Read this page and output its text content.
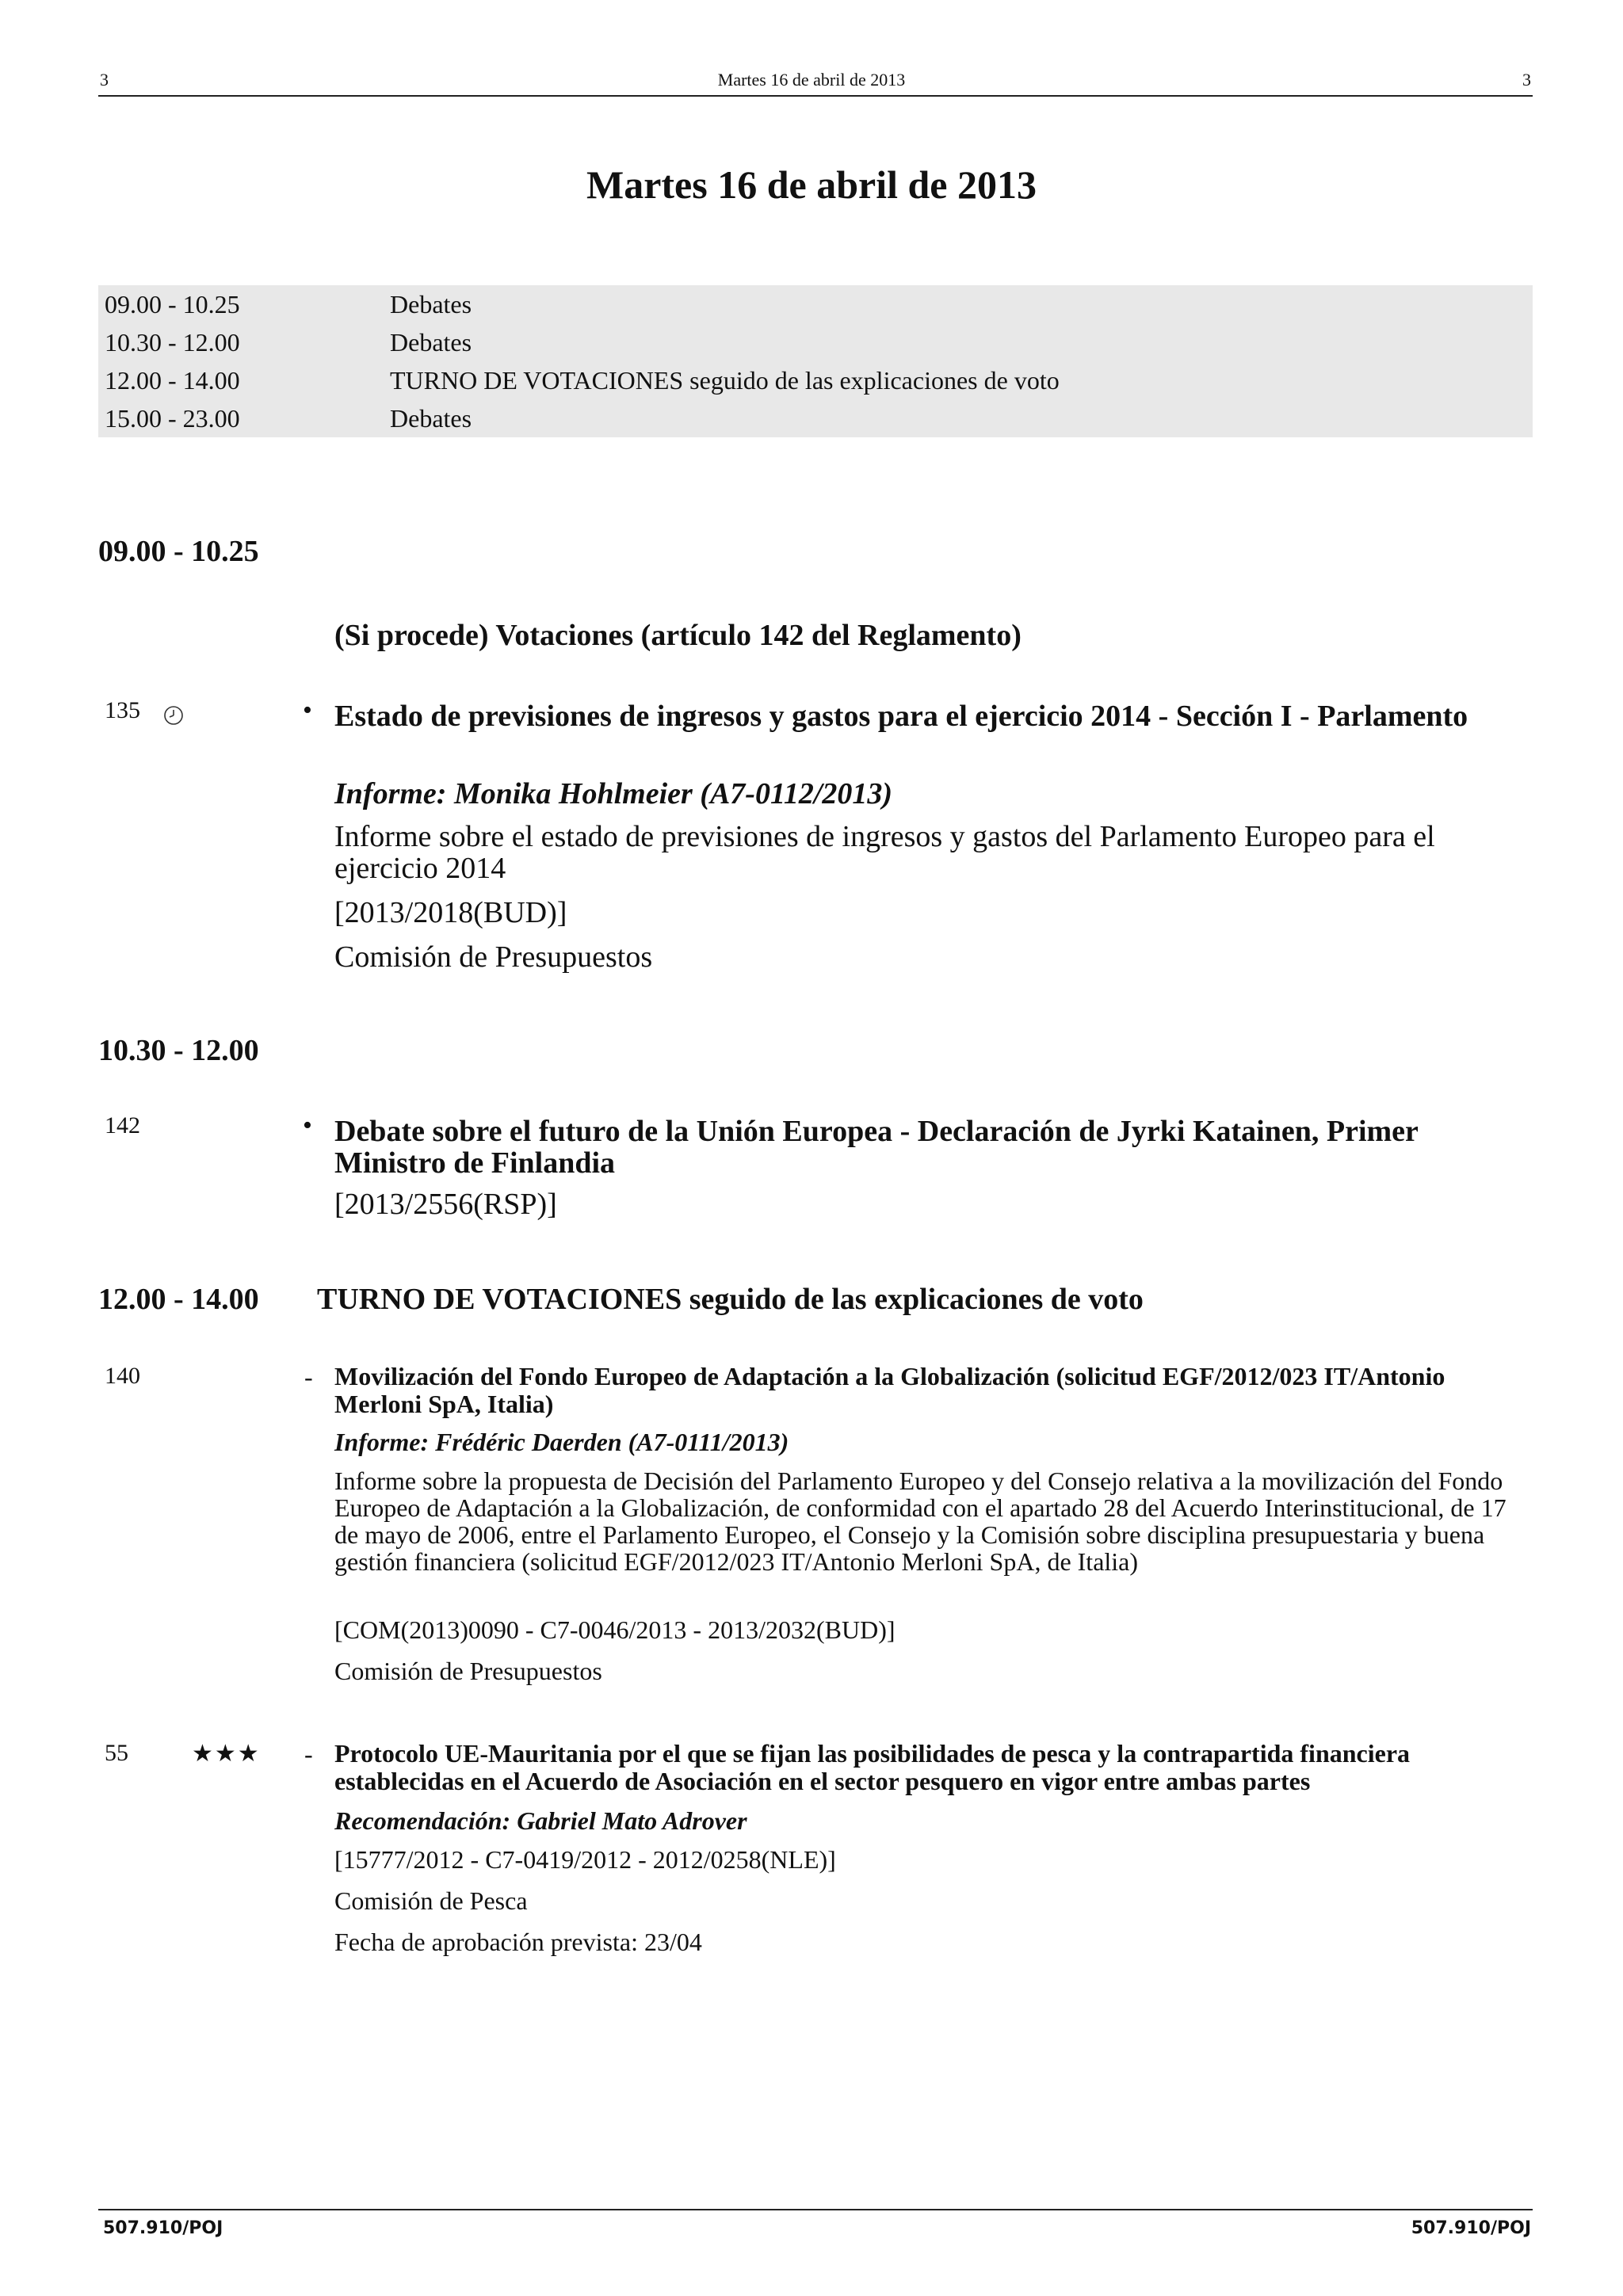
3	Martes 16 de abril de 2013	3
Martes 16 de abril de 2013
09.00 - 10.25	Debates
10.30 - 12.00	Debates
12.00 - 14.00	TURNO DE VOTACIONES seguido de las explicaciones de voto
15.00 - 23.00	Debates
09.00 - 10.25
(Si procede) Votaciones (artículo 142 del Reglamento)
135	• Estado de previsiones de ingresos y gastos para el ejercicio 2014 - Sección I - Parlamento
Informe: Monika Hohlmeier (A7-0112/2013)
Informe sobre el estado de previsiones de ingresos y gastos del Parlamento Europeo para el ejercicio 2014
[2013/2018(BUD)]
Comisión de Presupuestos
10.30 - 12.00
142	• Debate sobre el futuro de la Unión Europea - Declaración de Jyrki Katainen, Primer Ministro de Finlandia
[2013/2556(RSP)]
12.00 - 14.00 TURNO DE VOTACIONES seguido de las explicaciones de voto
140	- Movilización del Fondo Europeo de Adaptación a la Globalización (solicitud EGF/2012/023 IT/Antonio Merloni SpA, Italia)
Informe: Frédéric Daerden (A7-0111/2013)
Informe sobre la propuesta de Decisión del Parlamento Europeo y del Consejo relativa a la movilización del Fondo Europeo de Adaptación a la Globalización, de conformidad con el apartado 28 del Acuerdo Interinstitucional, de 17 de mayo de 2006, entre el Parlamento Europeo, el Consejo y la Comisión sobre disciplina presupuestaria y buena gestión financiera (solicitud EGF/2012/023 IT/Antonio Merloni SpA, de Italia)
[COM(2013)0090 - C7-0046/2013 - 2013/2032(BUD)]
Comisión de Presupuestos
55	★★★ - Protocolo UE-Mauritania por el que se fijan las posibilidades de pesca y la contrapartida financiera establecidas en el Acuerdo de Asociación en el sector pesquero en vigor entre ambas partes
Recomendación: Gabriel Mato Adrover
[15777/2012 - C7-0419/2012 - 2012/0258(NLE)]
Comisión de Pesca
Fecha de aprobación prevista: 23/04
507.910/POJ	507.910/POJ
